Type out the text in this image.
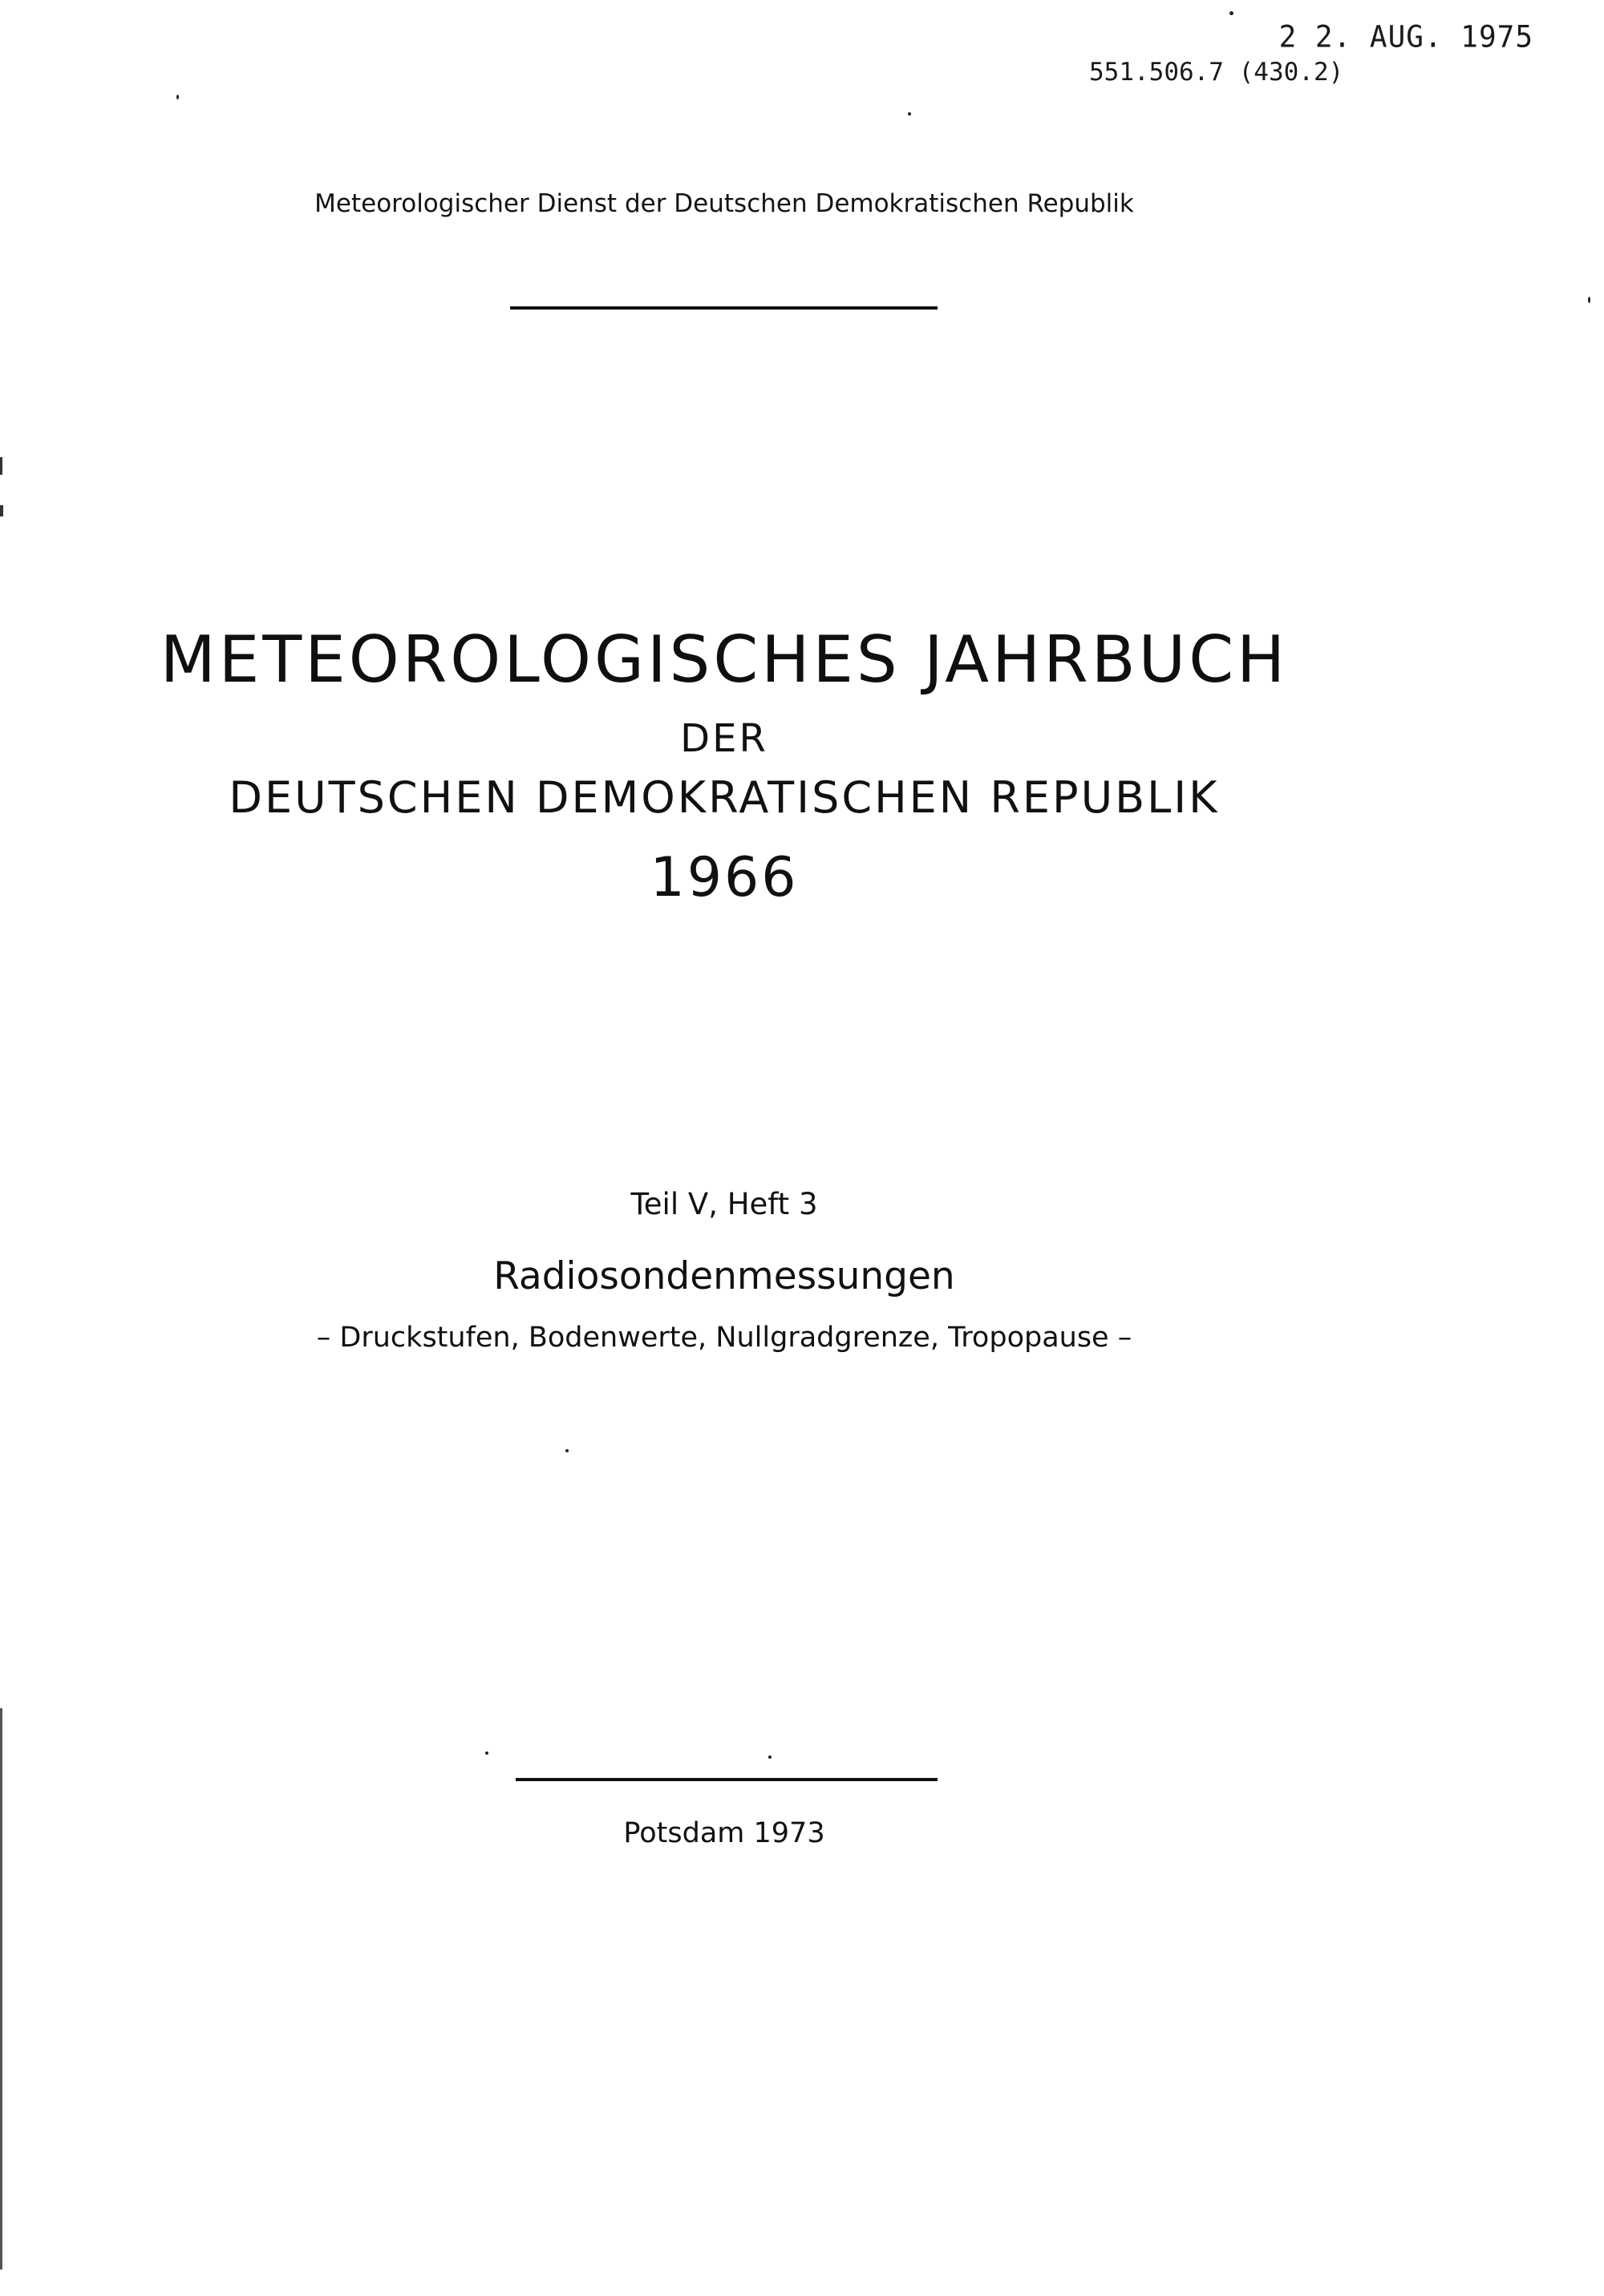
2 2. AUG. 1975
551.506.7 (430.2)
Meteorologischer Dienst der Deutschen Demokratischen Republik
METEOROLOGISCHES JAHRBUCH
DER
DEUTSCHEN DEMOKRATISCHEN REPUBLIK
1966
Teil V, Heft 3
Radiosondenmessungen
– Druckstufen, Bodenwerte, Nullgradgrenze, Tropopause –
Potsdam 1973
